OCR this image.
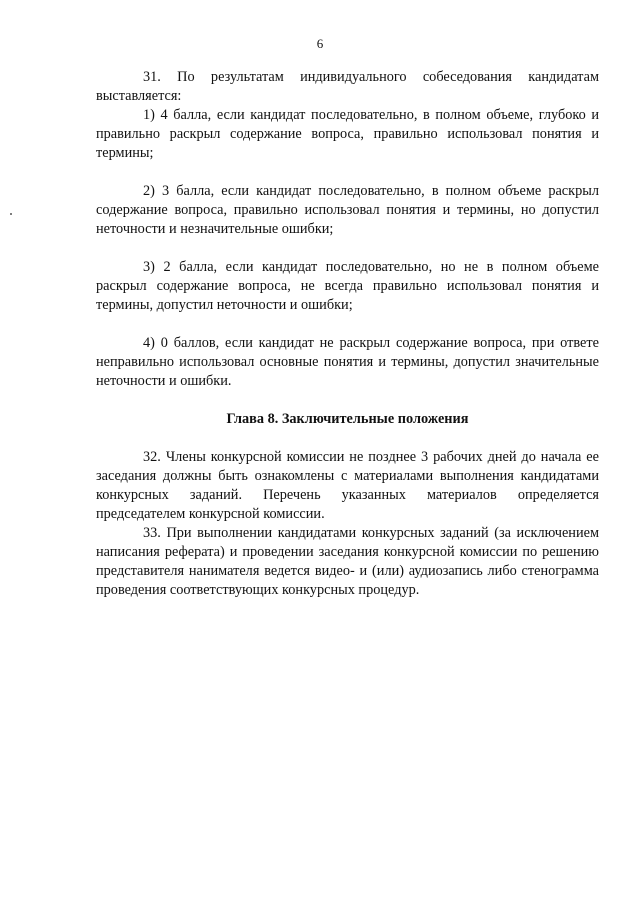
6

31. По результатам индивидуального собеседования кандидатам выставляется:

1) 4 балла, если кандидат последовательно, в полном объеме, глубоко и правильно раскрыл содержание вопроса, правильно использовал понятия и термины;

2) 3 балла, если кандидат последовательно, в полном объеме раскрыл содержание вопроса, правильно использовал понятия и термины, но допустил неточности и незначительные ошибки;

3) 2 балла, если кандидат последовательно, но не в полном объеме раскрыл содержание вопроса, не всегда правильно использовал понятия и термины, допустил неточности и ошибки;

4) 0 баллов, если кандидат не раскрыл содержание вопроса, при ответе неправильно использовал основные понятия и термины, допустил значительные неточности и ошибки.

Глава 8. Заключительные положения

32. Члены конкурсной комиссии не позднее 3 рабочих дней до начала ее заседания должны быть ознакомлены с материалами выполнения кандидатами конкурсных заданий. Перечень указанных материалов определяется председателем конкурсной комиссии.

33. При выполнении кандидатами конкурсных заданий (за исключением написания реферата) и проведении заседания конкурсной комиссии по решению представителя нанимателя ведется видео- и (или) аудиозапись либо стенограмма проведения соответствующих конкурсных процедур.
